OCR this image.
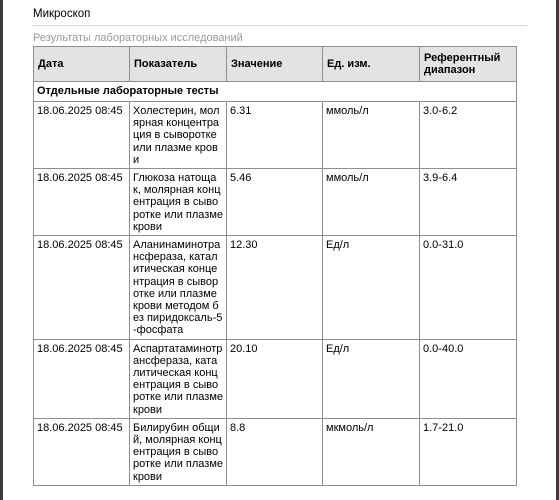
Микроскоп
Результаты лабораторных исследований
Дата	Показатель	Значение	Ед. изм.	Референтный диапазон
Отдельные лабораторные тесты				
18.06.2025 08:45	Холестерин, молярная концентрация в сыворотке или плазме крови	6.31	ммоль/л	3.0-6.2
18.06.2025 08:45	Глюкоза натощак, молярная концентрация в сыворотке или плазме крови	5.46	ммоль/л	3.9-6.4
18.06.2025 08:45	Аланинаминотрансфераза, каталитическая концентрация в сыворотке или плазме крови методом без пиридоксаль-5-фосфата	12.30	Ед/л	0.0-31.0
18.06.2025 08:45	Аспартатаминотрансфераза, каталитическая концентрация в сыворотке или плазме крови	20.10	Ед/л	0.0-40.0
18.06.2025 08:45	Билирубин общий, молярная концентрация в сыворотке или плазме крови	8.8	мкмоль/л	1.7-21.0
